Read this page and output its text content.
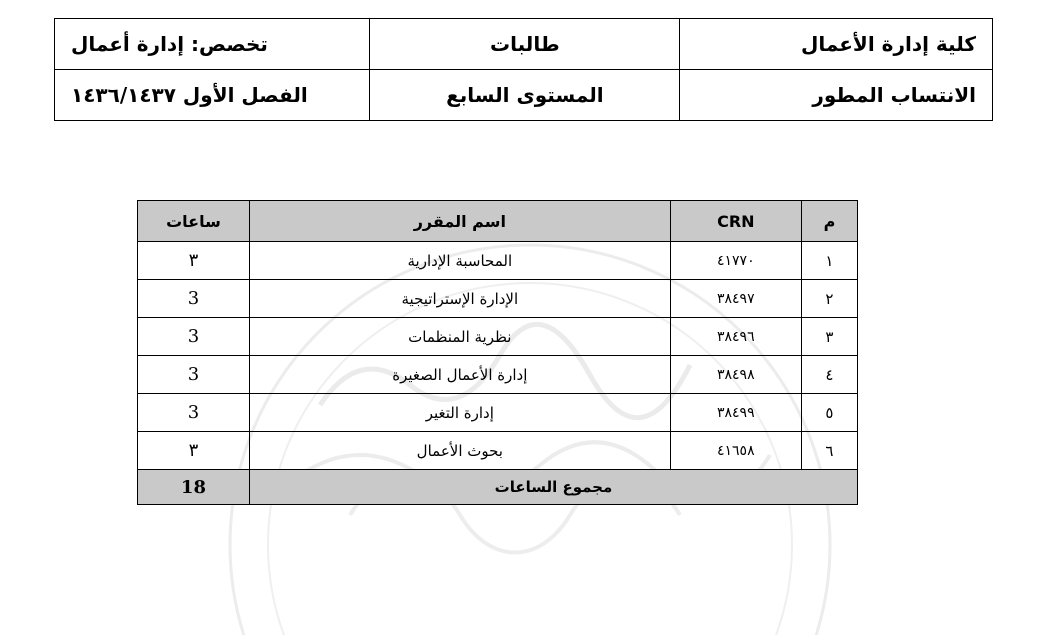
كلية إدارة الأعمال	طالبات	تخصص: إدارة أعمال
الانتساب المطور	المستوى السابع	الفصل الأول ١٤٣٦/١٤٣٧
م	CRN	اسم المقرر	ساعات
١	٤١٧٧٠	المحاسبة الإدارية	٣
٢	٣٨٤٩٧	الإدارة الإستراتيجية	3
٣	٣٨٤٩٦	نظرية المنظمات	3
٤	٣٨٤٩٨	إدارة الأعمال الصغيرة	3
٥	٣٨٤٩٩	إدارة التغير	3
٦	٤١٦٥٨	بحوث الأعمال	٣
مجموع الساعات			18
